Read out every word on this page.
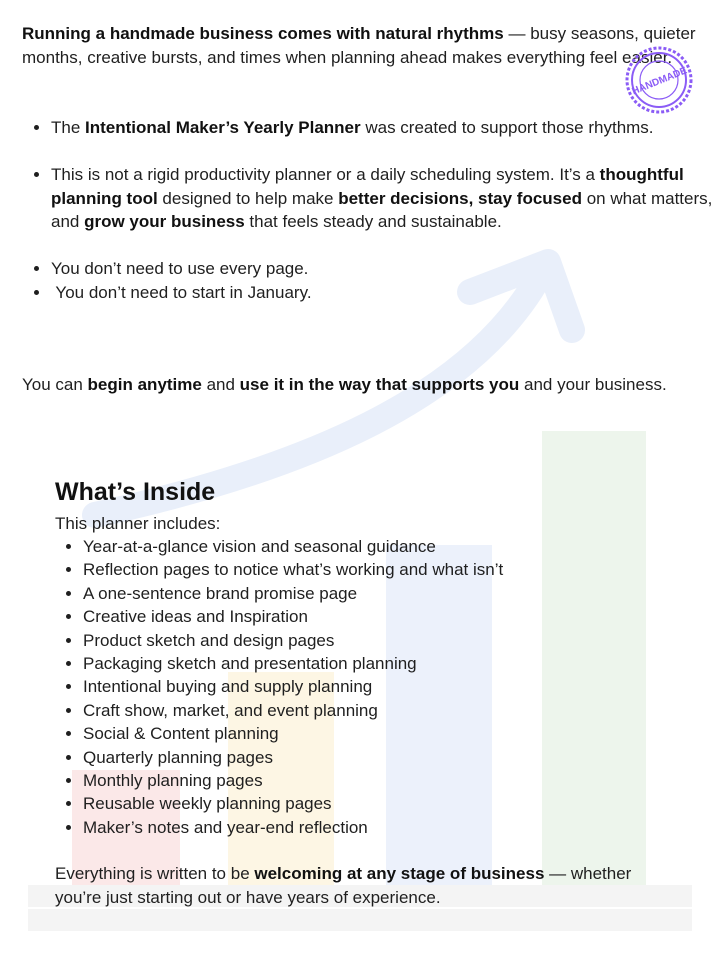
HANDMADE

Running a handmade business comes with natural rhythms — busy seasons, quieter months, creative bursts, and times when planning ahead makes everything feel easier.

• The Intentional Maker’s Yearly Planner was created to support those rhythms.
• This is not a rigid productivity planner or a daily scheduling system. It’s a thoughtful planning tool designed to help make better decisions, stay focused on what matters, and grow your business that feels steady and sustainable.
• You don’t need to use every page.
•  You don’t need to start in January.

You can begin anytime and use it in the way that supports you and your business.

What’s Inside

This planner includes:

• Year-at-a-glance vision and seasonal guidance
• Reflection pages to notice what’s working and what isn’t
• A one-sentence brand promise page
• Creative ideas and Inspiration
• Product sketch and design pages
• Packaging sketch and presentation planning
• Intentional buying and supply planning
• Craft show, market, and event planning
• Social & Content planning
• Quarterly planning pages
• Monthly planning pages
• Reusable weekly planning pages
• Maker’s notes and year-end reflection

Everything is written to be welcoming at any stage of business — whether you’re just starting out or have years of experience.
